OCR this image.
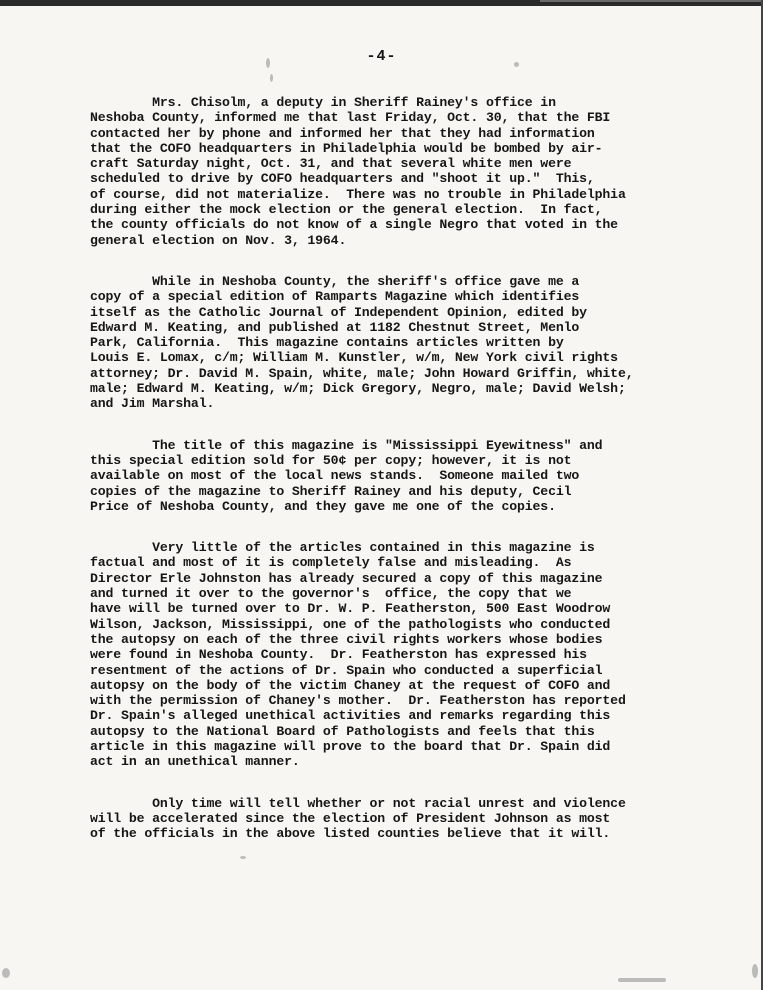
-4-

Mrs. Chisolm, a deputy in Sheriff Rainey's office in
Neshoba County, informed me that last Friday, Oct. 30, that the FBI
contacted her by phone and informed her that they had information
that the COFO headquarters in Philadelphia would be bombed by air-
craft Saturday night, Oct. 31, and that several white men were
scheduled to drive by COFO headquarters and "shoot it up."  This,
of course, did not materialize.  There was no trouble in Philadelphia
during either the mock election or the general election.  In fact,
the county officials do not know of a single Negro that voted in the
general election on Nov. 3, 1964.

While in Neshoba County, the sheriff's office gave me a
copy of a special edition of Ramparts Magazine which identifies
itself as the Catholic Journal of Independent Opinion, edited by
Edward M. Keating, and published at 1182 Chestnut Street, Menlo
Park, California.  This magazine contains articles written by
Louis E. Lomax, c/m; William M. Kunstler, w/m, New York civil rights
attorney; Dr. David M. Spain, white, male; John Howard Griffin, white,
male; Edward M. Keating, w/m; Dick Gregory, Negro, male; David Welsh;
and Jim Marshal.

The title of this magazine is "Mississippi Eyewitness" and
this special edition sold for 50¢ per copy; however, it is not
available on most of the local news stands.  Someone mailed two
copies of the magazine to Sheriff Rainey and his deputy, Cecil
Price of Neshoba County, and they gave me one of the copies.

Very little of the articles contained in this magazine is
factual and most of it is completely false and misleading.  As
Director Erle Johnston has already secured a copy of this magazine
and turned it over to the governor's  office, the copy that we
have will be turned over to Dr. W. P. Featherston, 500 East Woodrow
Wilson, Jackson, Mississippi, one of the pathologists who conducted
the autopsy on each of the three civil rights workers whose bodies
were found in Neshoba County.  Dr. Featherston has expressed his
resentment of the actions of Dr. Spain who conducted a superficial
autopsy on the body of the victim Chaney at the request of COFO and
with the permission of Chaney's mother.  Dr. Featherston has reported
Dr. Spain's alleged unethical activities and remarks regarding this
autopsy to the National Board of Pathologists and feels that this
article in this magazine will prove to the board that Dr. Spain did
act in an unethical manner.

Only time will tell whether or not racial unrest and violence
will be accelerated since the election of President Johnson as most
of the officials in the above listed counties believe that it will.
